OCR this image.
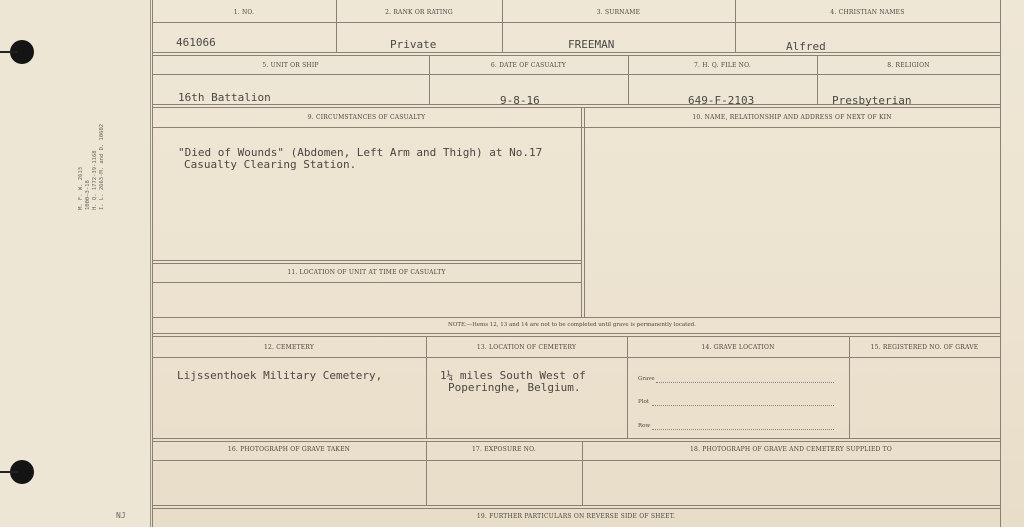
M. F. W. 2613 1000—3-18 H. Q. 1772-39-1168 I. L. 2663-M. and D. 10602
NJ
1. NO.	2. RANK OR RATING	3. SURNAME	4. CHRISTIAN NAMES
461066	Private	FREEMAN	Alfred
5. UNIT OR SHIP	6. DATE OF CASUALTY	7. H. Q. FILE NO.	8. RELIGION
16th Battalion	9-8-16	649-F-2103	Presbyterian
9. CIRCUMSTANCES OF CASUALTY	10. NAME, RELATIONSHIP AND ADDRESS OF NEXT OF KIN
"Died of Wounds" (Abdomen, Left Arm and Thigh) at No.17
Casualty Clearing Station.
11. LOCATION OF UNIT AT TIME OF CASUALTY
NOTE:—Items 12, 13 and 14 are not to be completed until grave is permanently located.
12. CEMETERY	13. LOCATION OF CEMETERY	14. GRAVE LOCATION	15. REGISTERED NO. OF GRAVE
Lijssenthoek Military Cemetery,	1¼ miles South West of
Poperinghe, Belgium.
Grave
Plot
Row
16. PHOTOGRAPH OF GRAVE TAKEN	17. EXPOSURE NO.	18. PHOTOGRAPH OF GRAVE AND CEMETERY SUPPLIED TO
19. FURTHER PARTICULARS ON REVERSE SIDE OF SHEET.
